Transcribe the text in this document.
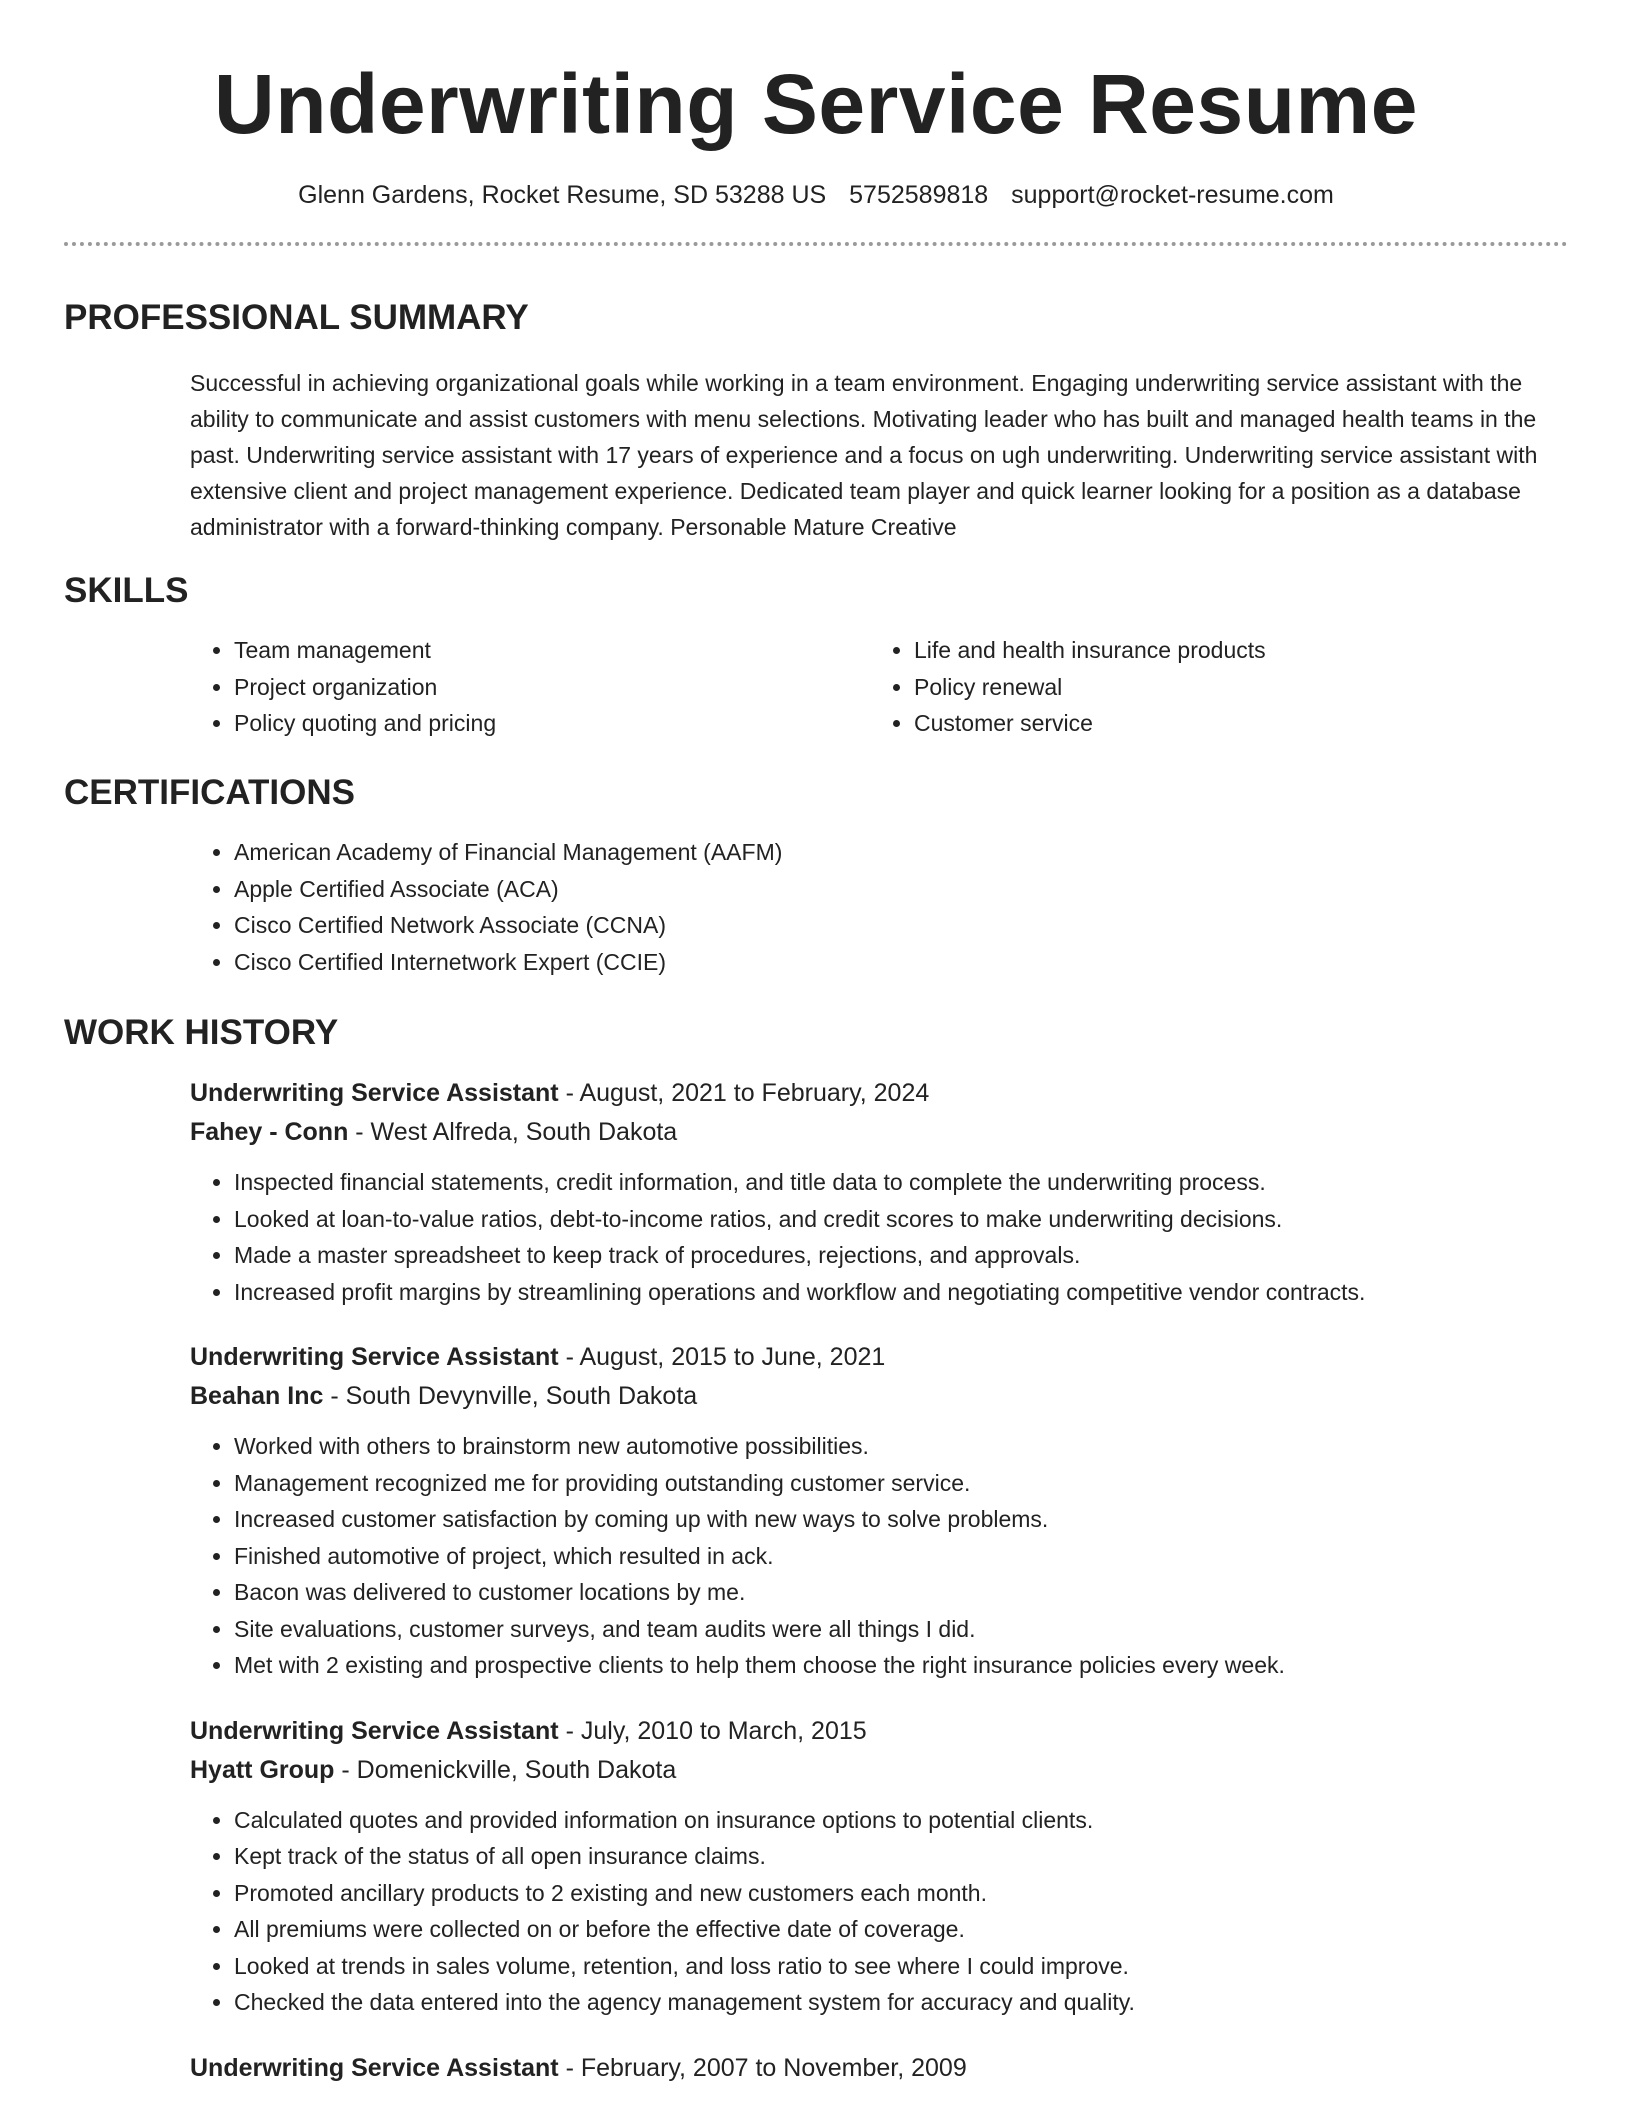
Underwriting Service Resume
Glenn Gardens, Rocket Resume, SD 53288 US 5752589818 support@rocket-resume.com
PROFESSIONAL SUMMARY
Successful in achieving organizational goals while working in a team environment. Engaging underwriting service assistant with the ability to communicate and assist customers with menu selections. Motivating leader who has built and managed health teams in the past. Underwriting service assistant with 17 years of experience and a focus on ugh underwriting. Underwriting service assistant with extensive client and project management experience. Dedicated team player and quick learner looking for a position as a database administrator with a forward-thinking company. Personable Mature Creative
SKILLS
• Team management
• Project organization
• Policy quoting and pricing
• Life and health insurance products
• Policy renewal
• Customer service
CERTIFICATIONS
• American Academy of Financial Management (AAFM)
• Apple Certified Associate (ACA)
• Cisco Certified Network Associate (CCNA)
• Cisco Certified Internetwork Expert (CCIE)
WORK HISTORY
Underwriting Service Assistant - August, 2021 to February, 2024
Fahey - Conn - West Alfreda, South Dakota
• Inspected financial statements, credit information, and title data to complete the underwriting process.
• Looked at loan-to-value ratios, debt-to-income ratios, and credit scores to make underwriting decisions.
• Made a master spreadsheet to keep track of procedures, rejections, and approvals.
• Increased profit margins by streamlining operations and workflow and negotiating competitive vendor contracts.
Underwriting Service Assistant - August, 2015 to June, 2021
Beahan Inc - South Devynville, South Dakota
• Worked with others to brainstorm new automotive possibilities.
• Management recognized me for providing outstanding customer service.
• Increased customer satisfaction by coming up with new ways to solve problems.
• Finished automotive of project, which resulted in ack.
• Bacon was delivered to customer locations by me.
• Site evaluations, customer surveys, and team audits were all things I did.
• Met with 2 existing and prospective clients to help them choose the right insurance policies every week.
Underwriting Service Assistant - July, 2010 to March, 2015
Hyatt Group - Domenickville, South Dakota
• Calculated quotes and provided information on insurance options to potential clients.
• Kept track of the status of all open insurance claims.
• Promoted ancillary products to 2 existing and new customers each month.
• All premiums were collected on or before the effective date of coverage.
• Looked at trends in sales volume, retention, and loss ratio to see where I could improve.
• Checked the data entered into the agency management system for accuracy and quality.
Underwriting Service Assistant - February, 2007 to November, 2009
